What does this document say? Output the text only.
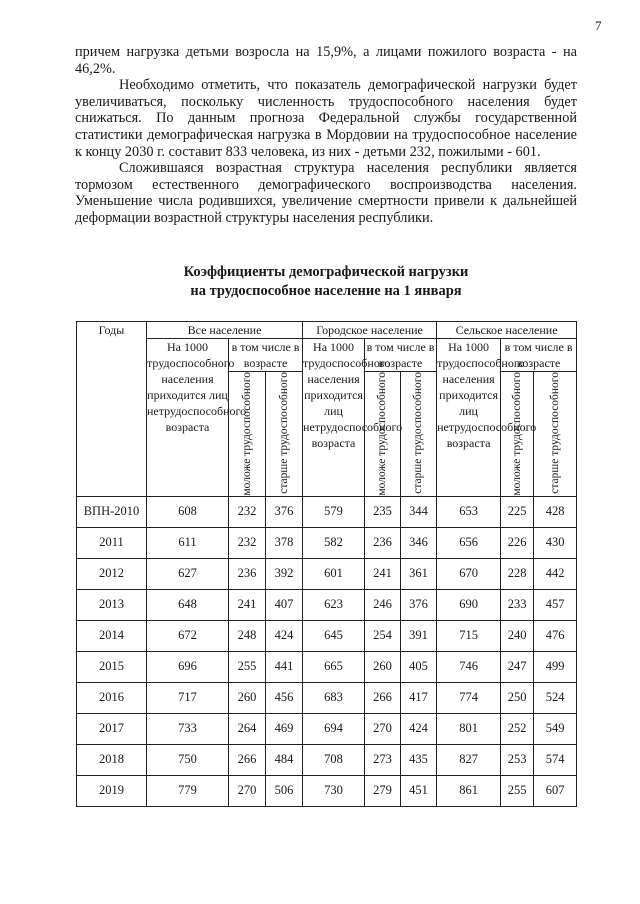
7

причем нагрузка детьми возросла на 15,9%, а лицами пожилого возраста - на 46,2%.

Необходимо отметить, что показатель демографической нагрузки будет увеличиваться, поскольку численность трудоспособного населения будет снижаться. По данным прогноза Федеральной службы государственной статистики демографическая нагрузка в Мордовии на трудоспособное население к концу 2030 г. составит 833 человека, из них - детьми 232, пожилыми - 601.

Сложившаяся возрастная структура населения республики является тормозом естественного демографического воспроизводства населения. Уменьшение числа родившихся, увеличение смертности привели к дальнейшей деформации возрастной структуры населения республики.

Коэффициенты демографической нагрузки
на трудоспособное население на 1 января
Годы	Все население			Городское население			Сельское население		
	На 1000 трудоспособного населения приходится лиц нетрудоспособного возраста	в том числе в возрасте		На 1000 трудоспособного населения приходится лиц нетрудоспособного возраста	в том числе в возрасте		На 1000 трудоспособного населения приходится лиц нетрудоспособного возраста	в том числе в возрасте	

		моложе трудоспособного	старше трудоспособного		моложе трудоспособного	старше трудоспособного		моложе трудоспособного	старше трудоспособного

ВПН-2010	608	232	376	579	235	344	653	225	428
2011	611	232	378	582	236	346	656	226	430
2012	627	236	392	601	241	361	670	228	442
2013	648	241	407	623	246	376	690	233	457
2014	672	248	424	645	254	391	715	240	476
2015	696	255	441	665	260	405	746	247	499
2016	717	260	456	683	266	417	774	250	524
2017	733	264	469	694	270	424	801	252	549
2018	750	266	484	708	273	435	827	253	574
2019	779	270	506	730	279	451	861	255	607
